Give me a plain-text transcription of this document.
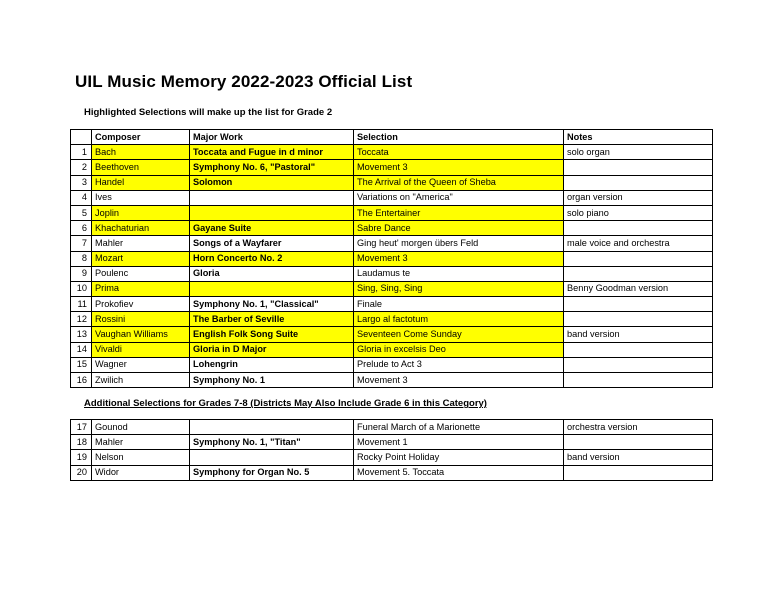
UIL Music Memory 2022-2023 Official List
Highlighted Selections will make up the list for Grade 2
	Composer	Major Work	Selection	Notes
1	Bach	Toccata and Fugue in d minor	Toccata	solo organ
2	Beethoven	Symphony No. 6, "Pastoral"	Movement 3	
3	Handel	Solomon	The Arrival of the Queen of Sheba	
4	Ives		Variations on "America"	organ version
5	Joplin		The Entertainer	solo piano
6	Khachaturian	Gayane Suite	Sabre Dance	
7	Mahler	Songs of a Wayfarer	Ging heut' morgen übers Feld	male voice and orchestra
8	Mozart	Horn Concerto No. 2	Movement 3	
9	Poulenc	Gloria	Laudamus te	
10	Prima		Sing, Sing, Sing	Benny Goodman version
11	Prokofiev	Symphony No. 1, "Classical"	Finale	
12	Rossini	The Barber of Seville	Largo al factotum	
13	Vaughan Williams	English Folk Song Suite	Seventeen Come Sunday	band version
14	Vivaldi	Gloria in D Major	Gloria in excelsis Deo	
15	Wagner	Lohengrin	Prelude to Act 3	
16	Zwilich	Symphony No. 1	Movement 3	
Additional Selections for Grades 7-8 (Districts May Also Include Grade 6 in this Category)
17	Gounod		Funeral March of a Marionette	orchestra version
18	Mahler	Symphony No. 1, "Titan"	Movement 1	
19	Nelson		Rocky Point Holiday	band version
20	Widor	Symphony for Organ No. 5	Movement 5. Toccata	
